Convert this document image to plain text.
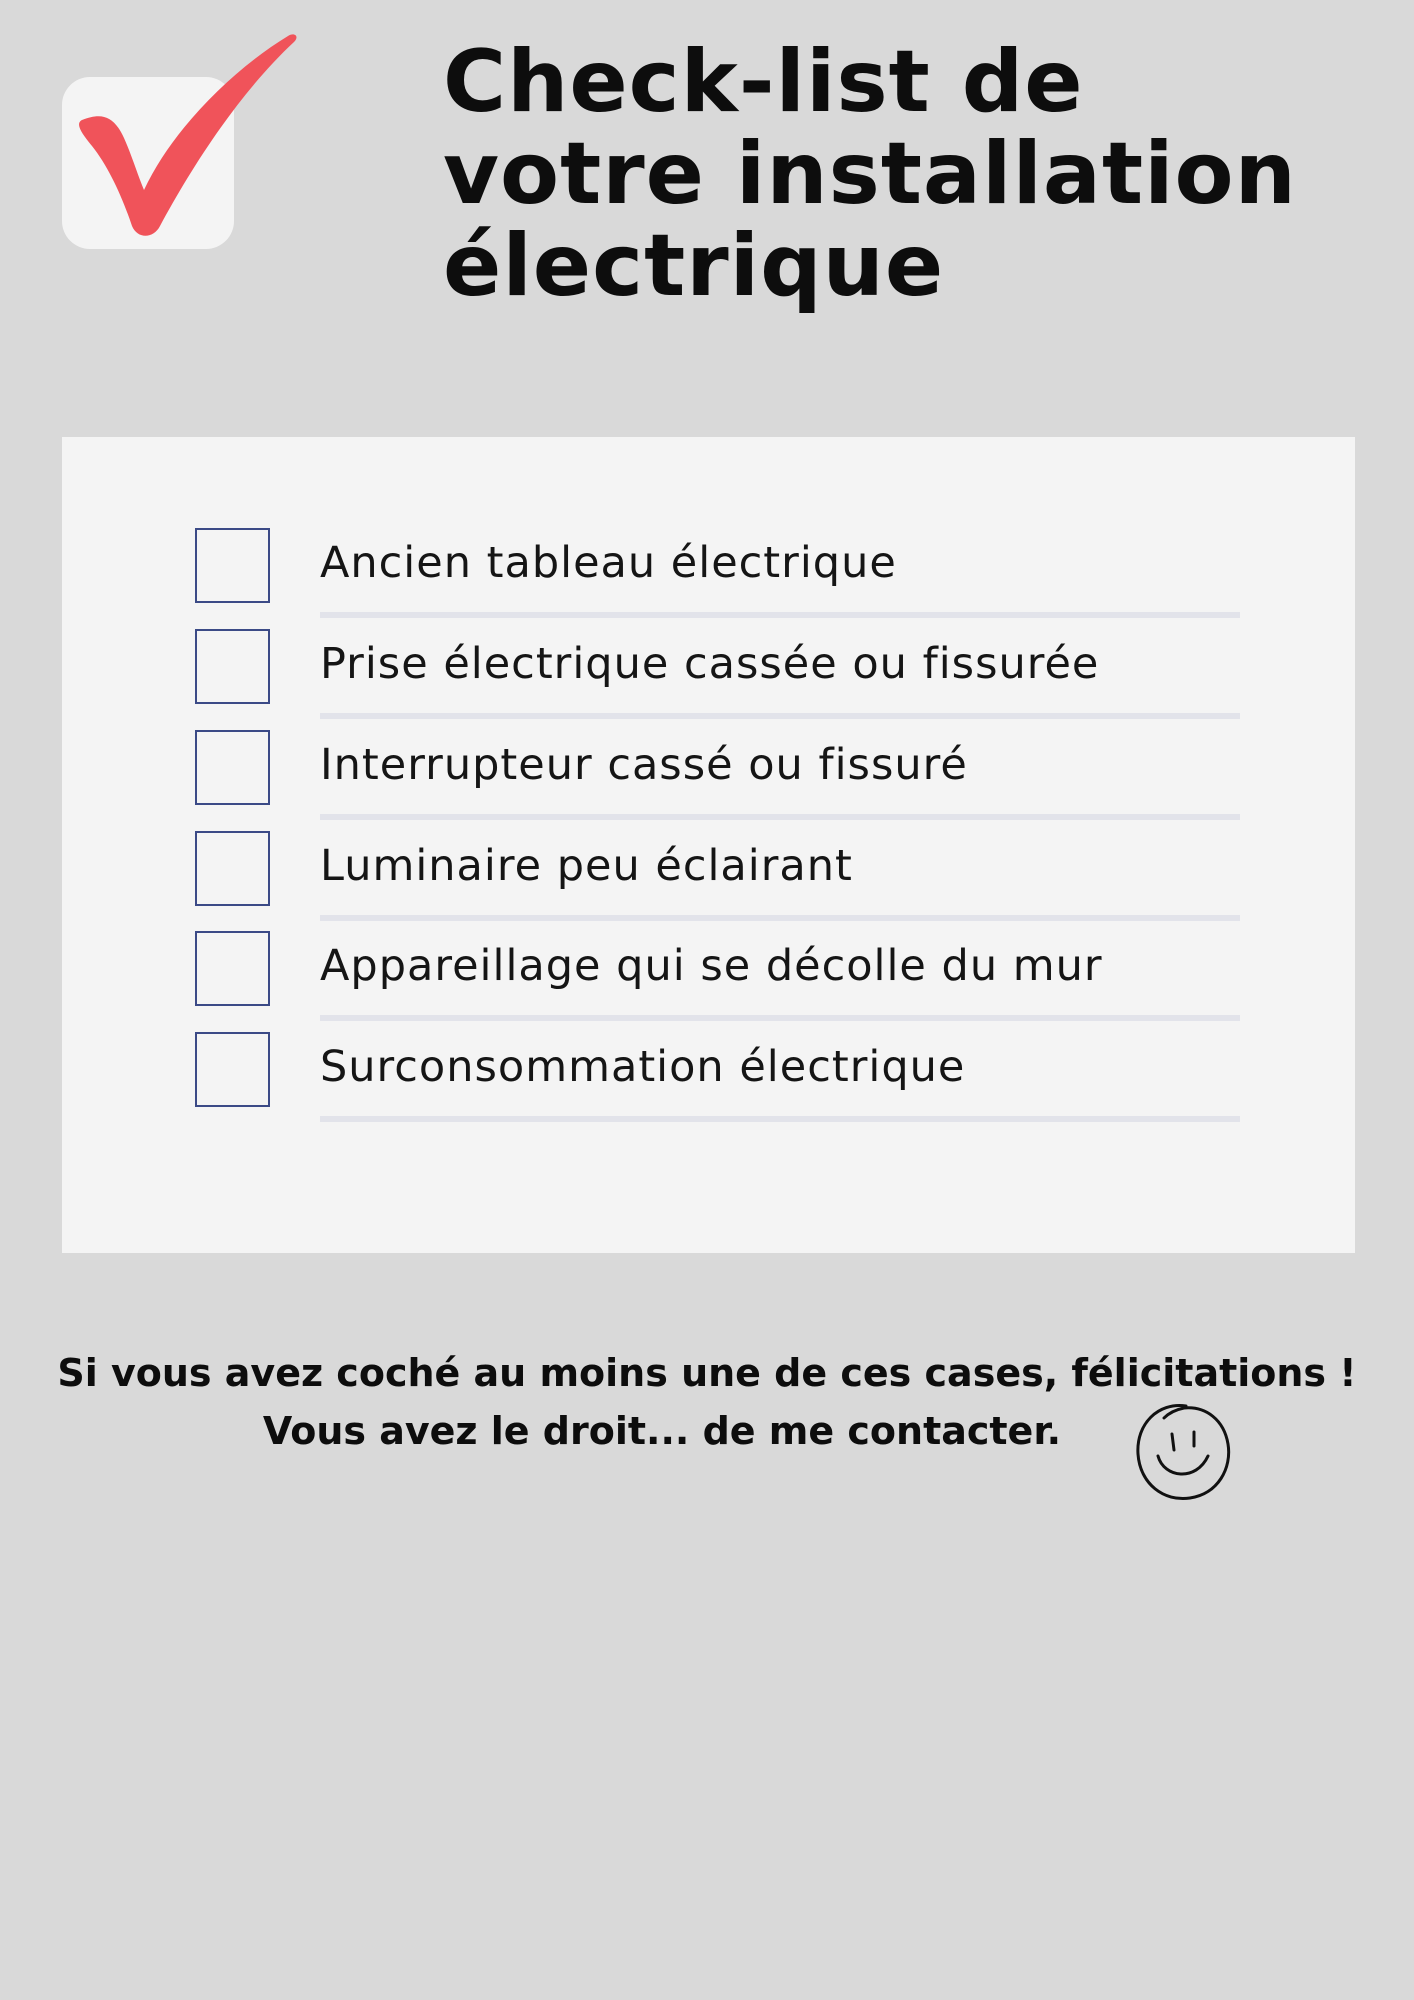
Check-list de
votre installation
électrique
Ancien tableau électrique
Prise électrique cassée ou fissurée
Interrupteur cassé ou fissuré
Luminaire peu éclairant
Appareillage qui se décolle du mur
Surconsommation électrique
Si vous avez coché au moins une de ces cases, félicitations !
Vous avez le droit... de me contacter.
